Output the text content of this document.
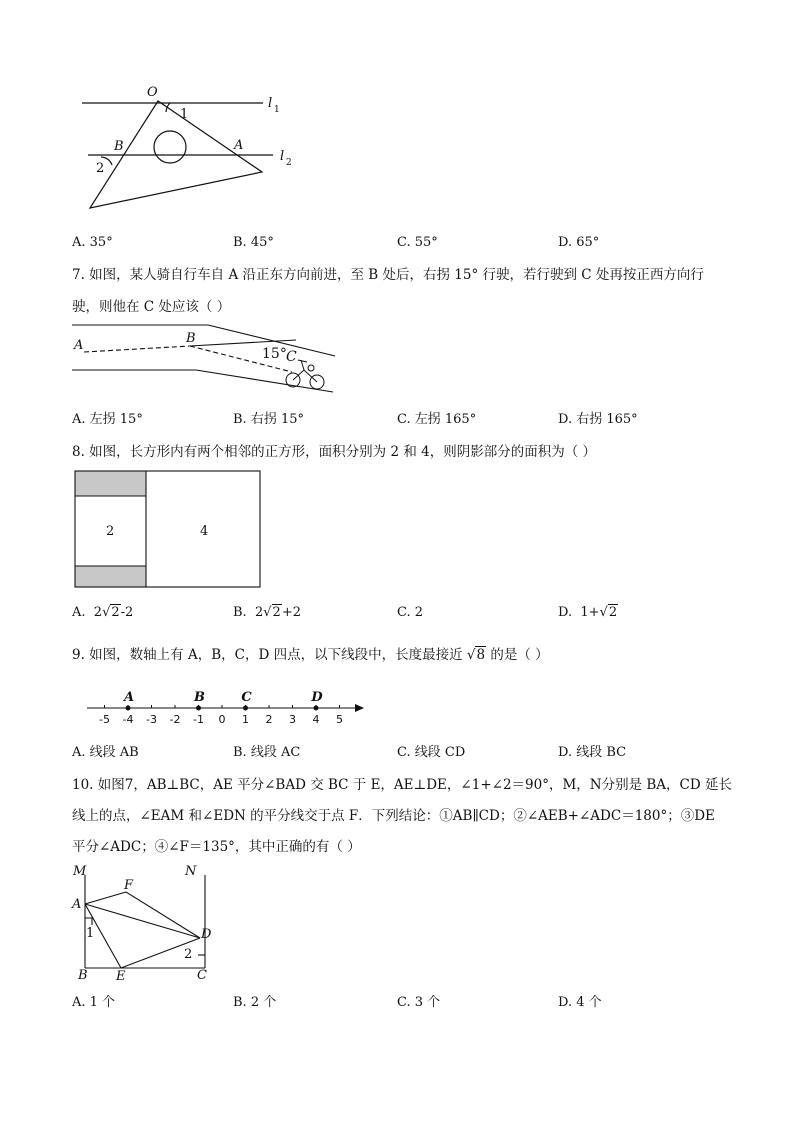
O
1
l 1
B	A
l 2
2
A. 35°	B. 45°	C. 55°	D. 65°
7. 如图，某人骑自行车自 A 沿正东方向前进，至 B 处后，右拐 15° 行驶，若行驶到 C 处再按正西方向行
驶，则他在 C 处应该（ ）
A	B
15° C
A. 左拐 15°	B. 右拐 15°	C. 左拐 165°	D. 右拐 165°
8. 如图，长方形内有两个相邻的正方形，面积分别为 2 和 4，则阴影部分的面积为（ ）
2	4
A. 2√2-2	B. 2√2+2	C. 2	D. 1+√2
9. 如图，数轴上有 A，B，C，D 四点，以下线段中，长度最接近 √8 的是（ ）
-5 -4 -3 -2 -1 0 1 2 3 4 5
A	B	C	D
A. 线段 AB	B. 线段 AC	C. 线段 CD	D. 线段 BC
10. 如图7，AB⊥BC，AE 平分∠BAD 交 BC 于 E，AE⊥DE，∠1+∠2＝90°，M，N分别是 BA，CD 延长
线上的点，∠EAM 和∠EDN 的平分线交于点 F．下列结论：①AB∥CD；②∠AEB+∠ADC＝180°；③DE
平分∠ADC；④∠F＝135°，其中正确的有（ ）
M	N
F
A
1	D
2
B E	C
A. 1 个	B. 2 个	C. 3 个	D. 4 个
